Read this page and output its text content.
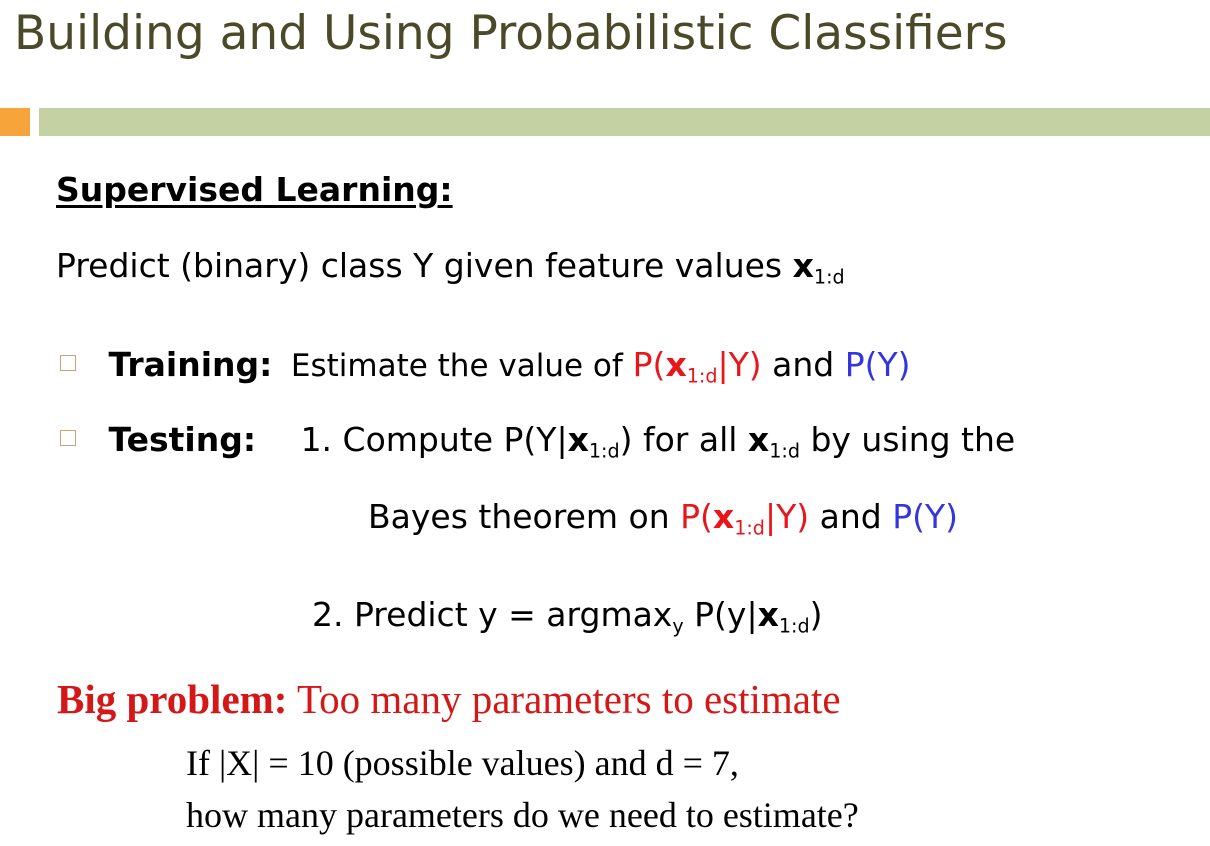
Building and Using Probabilistic Classifiers
Supervised Learning:
Predict (binary) class Y given feature values $x_{1:d}$
Training: Estimate the value of $P(x_{1:d}|Y)$ and P(Y)
Testing: 1. Compute $P(Y|x_{1:d})$ for all $x_{1:d}$ by using the
Bayes theorem on $P(x_{1:d}|Y)$ and P(Y)
2. Predict y = argmax$_y$ $P(y|x_{1:d})$
Big problem: Too many parameters to estimate
If |X| = 10 (possible values) and d = 7,
how many parameters do we need to estimate?
